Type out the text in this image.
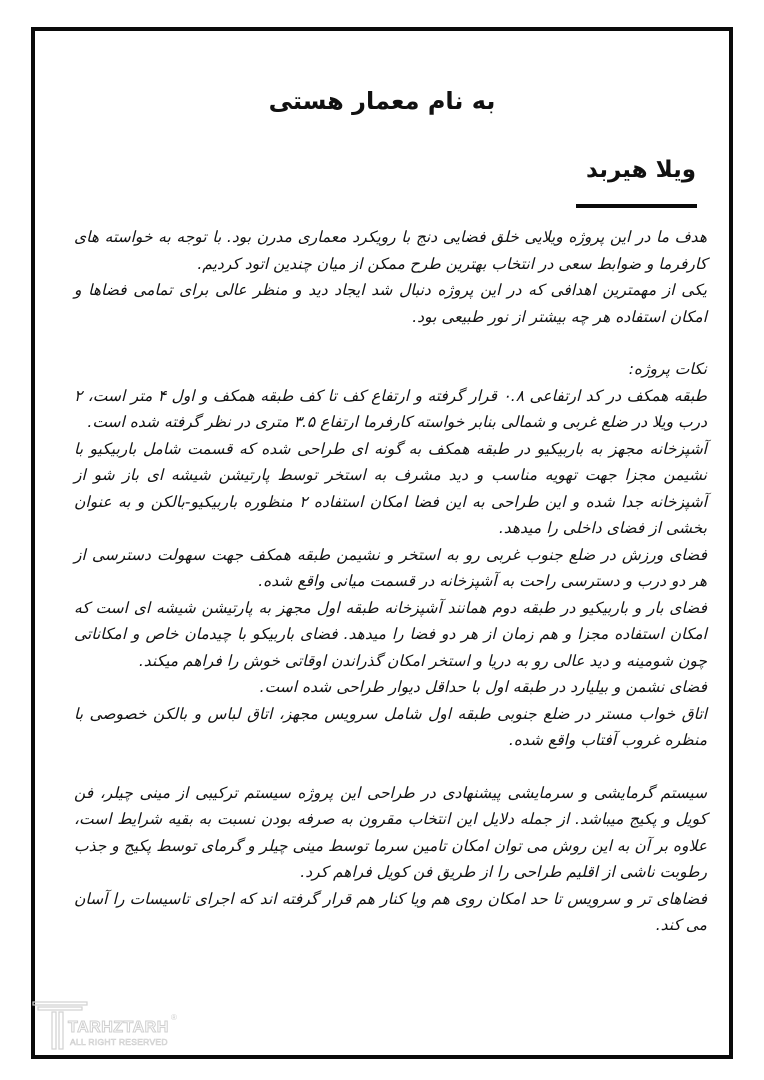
به نام معمار هستی
ویلا هیربد

هدف ما در این پروژه ویلایی خلق فضایی دنج با رویکرد معماری مدرن بود. با توجه به خواسته های کارفرما و ضوابط سعی در انتخاب بهترین طرح ممکن از میان چندین اتود کردیم.

یکی از مهمترین اهدافی که در این پروژه دنبال شد ایجاد دید و منظر عالی برای تمامی فضاها و امکان استفاده هر چه بیشتر از نور طبیعی بود.

نکات پروژه:

طبقه همکف در کد ارتفاعی ۰.۸ قرار گرفته و ارتفاع کف تا کف طبقه همکف و اول ۴ متر است، ۲ درب ویلا در ضلع غربی و شمالی بنابر خواسته کارفرما ارتفاع ۳.۵ متری در نظر گرفته شده است.

آشپزخانه مجهز به باربیکیو در طبقه همکف به گونه ای طراحی شده که قسمت شامل باربیکیو با نشیمن مجزا جهت تهویه مناسب و دید مشرف به استخر توسط پارتیشن شیشه ای باز شو از آشپزخانه جدا شده و این طراحی به این فضا امکان استفاده ۲ منظوره باربیکیو-بالکن و به عنوان بخشی از فضای داخلی را میدهد.

فضای ورزش در ضلع جنوب غربی رو به استخر و نشیمن طبقه همکف جهت سهولت دسترسی از هر دو درب و دسترسی راحت به آشپزخانه در قسمت میانی واقع شده.

فضای بار و باربیکیو در طبقه دوم همانند آشپزخانه طبقه اول مجهز به پارتیشن شیشه ای است که امکان استفاده مجزا و هم زمان از هر دو فضا را میدهد. فضای باربیکو با چیدمان خاص و امکاناتی چون شومینه و دید عالی رو به دریا و استخر امکان گذراندن اوقاتی خوش را فراهم میکند.

فضای نشمن و بیلیارد در طبقه اول با حداقل دیوار طراحی شده است.

اتاق خواب مستر در ضلع جنوبی طبقه اول شامل سرویس مجهز، اتاق لباس و بالکن خصوصی با منظره غروب آفتاب واقع شده.

سیستم گرمایشی و سرمایشی پیشنهادی در طراحی این پروژه سیستم ترکیبی از مینی چیلر، فن کویل و پکیج میباشد. از جمله دلایل این انتخاب مقرون به صرفه بودن نسبت به بقیه شرایط است، علاوه بر آن به این روش می توان امکان تامین سرما توسط مینی چیلر و گرمای توسط پکیج و جذب رطوبت ناشی از اقلیم طراحی را از طریق فن کویل فراهم کرد.

فضاهای تر و سرویس تا حد امکان روی هم ویا کنار هم قرار گرفته اند که اجرای تاسیسات را آسان می کند.

TARHZTARH
®
ALL RIGHT RESERVED
